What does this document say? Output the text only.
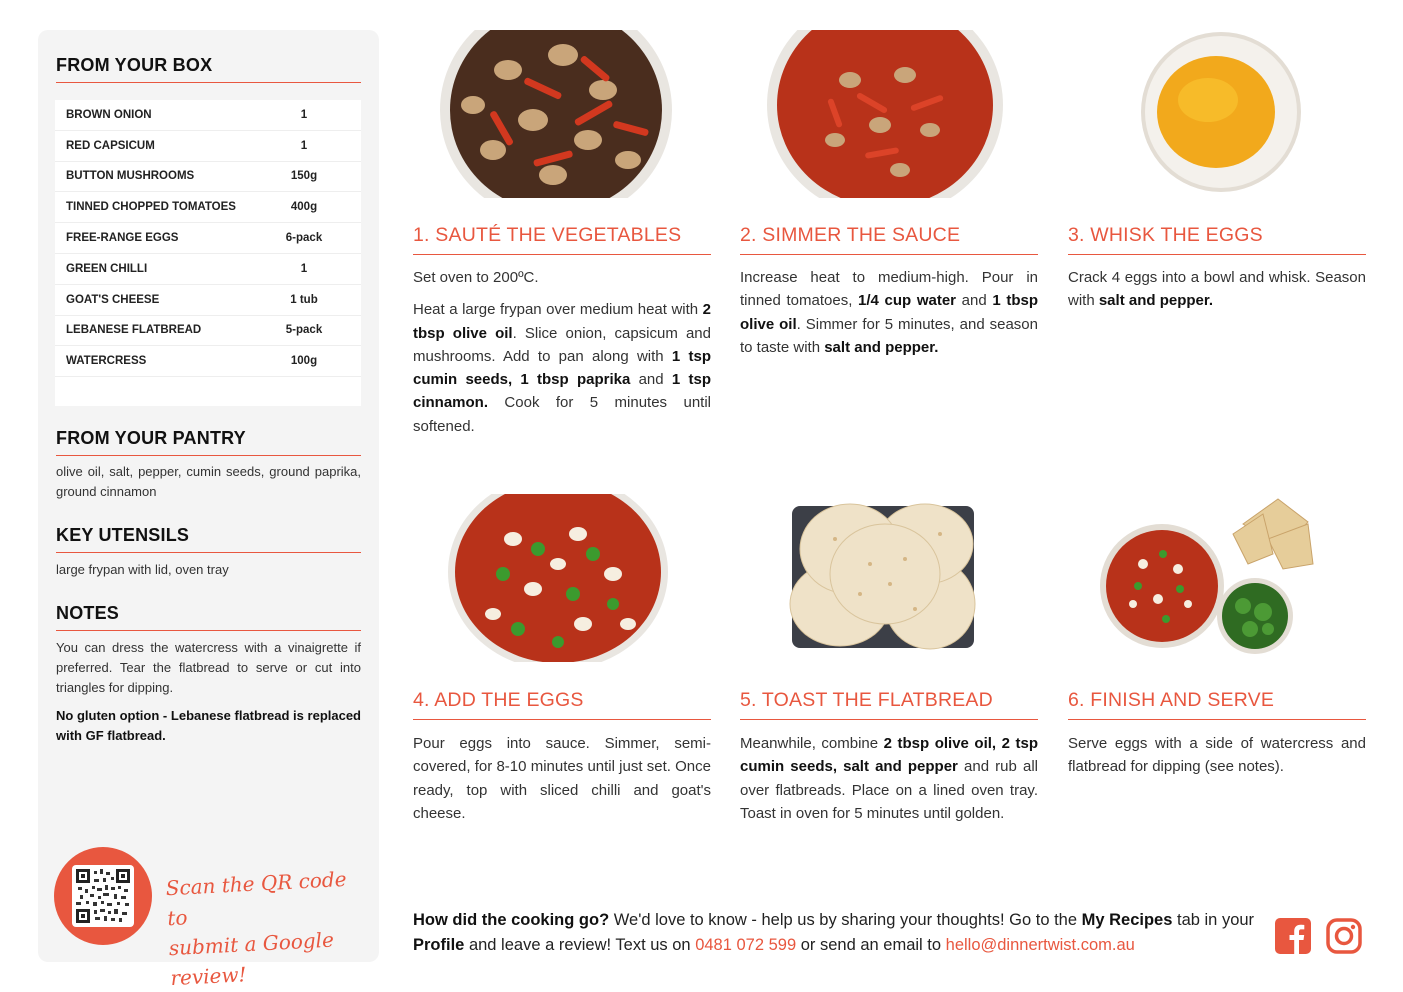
FROM YOUR BOX
BROWN ONION	1
RED CAPSICUM	1
BUTTON MUSHROOMS	150g
TINNED CHOPPED TOMATOES	400g
FREE-RANGE EGGS	6-pack
GREEN CHILLI	1
GOAT'S CHEESE	1 tub
LEBANESE FLATBREAD	5-pack
WATERCRESS	100g
FROM YOUR PANTRY
olive oil, salt, pepper, cumin seeds, ground paprika, ground cinnamon
KEY UTENSILS
large frypan with lid, oven tray
NOTES
You can dress the watercress with a vinaigrette if preferred. Tear the flatbread to serve or cut into triangles for dipping.
No gluten option - Lebanese flatbread is replaced with GF flatbread.
Scan the QR code to
submit a Google review!
1. SAUTÉ THE VEGETABLES

Set oven to 200ºC.

Heat a large frypan over medium heat with 2 tbsp olive oil. Slice onion, capsicum and mushrooms. Add to pan along with 1 tsp cumin seeds, 1 tbsp paprika and 1 tsp cinnamon. Cook for 5 minutes until softened.

2. SIMMER THE SAUCE

Increase heat to medium-high. Pour in tinned tomatoes, 1/4 cup water and 1 tbsp olive oil. Simmer for 5 minutes, and season to taste with salt and pepper.

3. WHISK THE EGGS

Crack 4 eggs into a bowl and whisk. Season with salt and pepper.

4. ADD THE EGGS

Pour eggs into sauce. Simmer, semi-covered, for 8-10 minutes until just set. Once ready, top with sliced chilli and goat's cheese.

5. TOAST THE FLATBREAD

Meanwhile, combine 2 tbsp olive oil, 2 tsp cumin seeds, salt and pepper and rub all over flatbreads. Place on a lined oven tray. Toast in oven for 5 minutes until golden.

6. FINISH AND SERVE

Serve eggs with a side of watercress and flatbread for dipping (see notes).

How did the cooking go? We'd love to know - help us by sharing your thoughts! Go to the My Recipes tab in your Profile and leave a review! Text us on 0481 072 599 or send an email to hello@dinnertwist.com.au
